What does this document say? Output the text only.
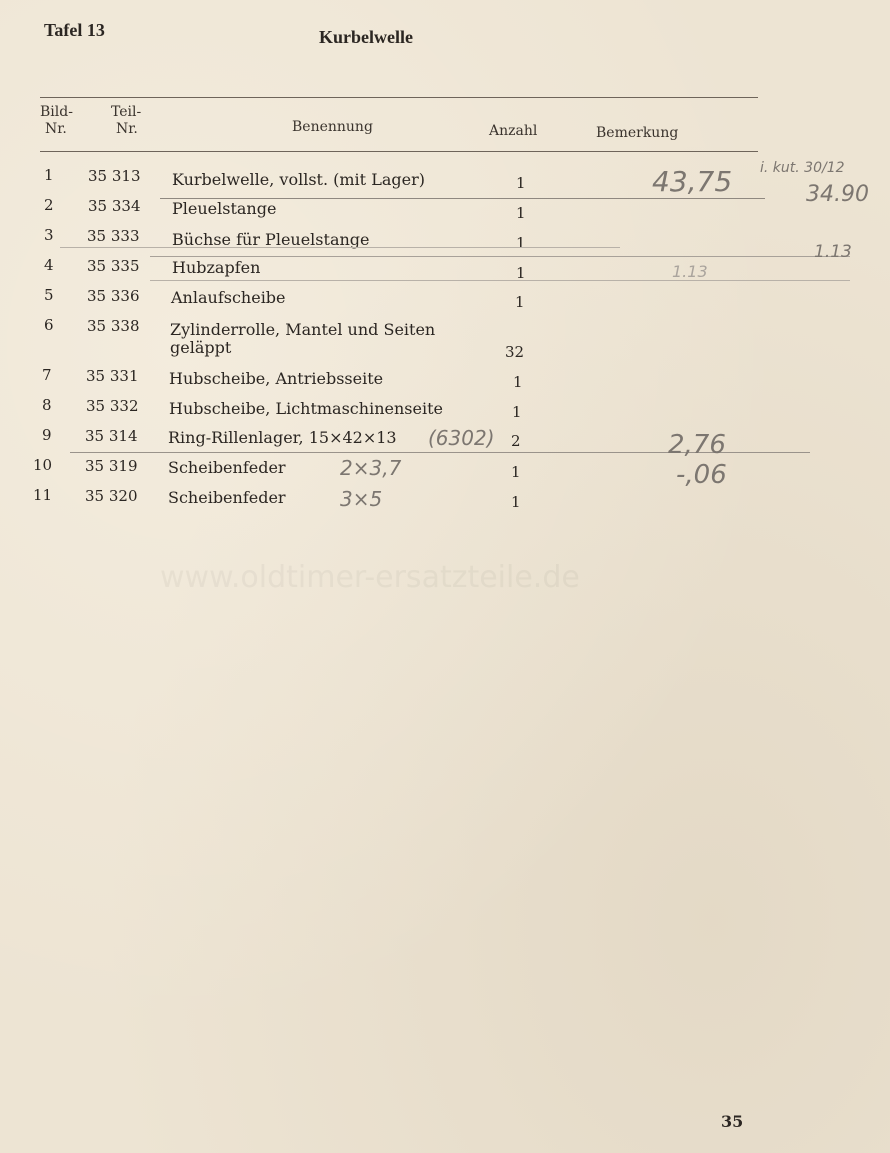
Tafel 13	Kurbelwelle
www.oldtimer-ersatzteile.de
Bild-
Nr.
Teil-
Nr.	Benennung	Anzahl	Bemerkung
1 35 313 Kurbelwelle, vollst. (mit Lager)	1
2 35 334 Pleuelstange	1
3 35 333 Büchse für Pleuelstange	1
4 35 335 Hubzapfen	1
5 35 336 Anlaufscheibe	1
6 35 338 Zylinderrolle, Mantel und Seiten
geläppt	32
7 35 331 Hubscheibe, Antriebsseite	1
8 35 332 Hubscheibe, Lichtmaschinenseite	1
9 35 314 Ring-Rillenlager, 15×42×13	2
10 35 319 Scheibenfeder	1
11 35 320 Scheibenfeder	1
43,75 i. kut. 30/12
34.90
1.13
1.13
(6302)
2×3,7
3×5
2,76
-,06
35
